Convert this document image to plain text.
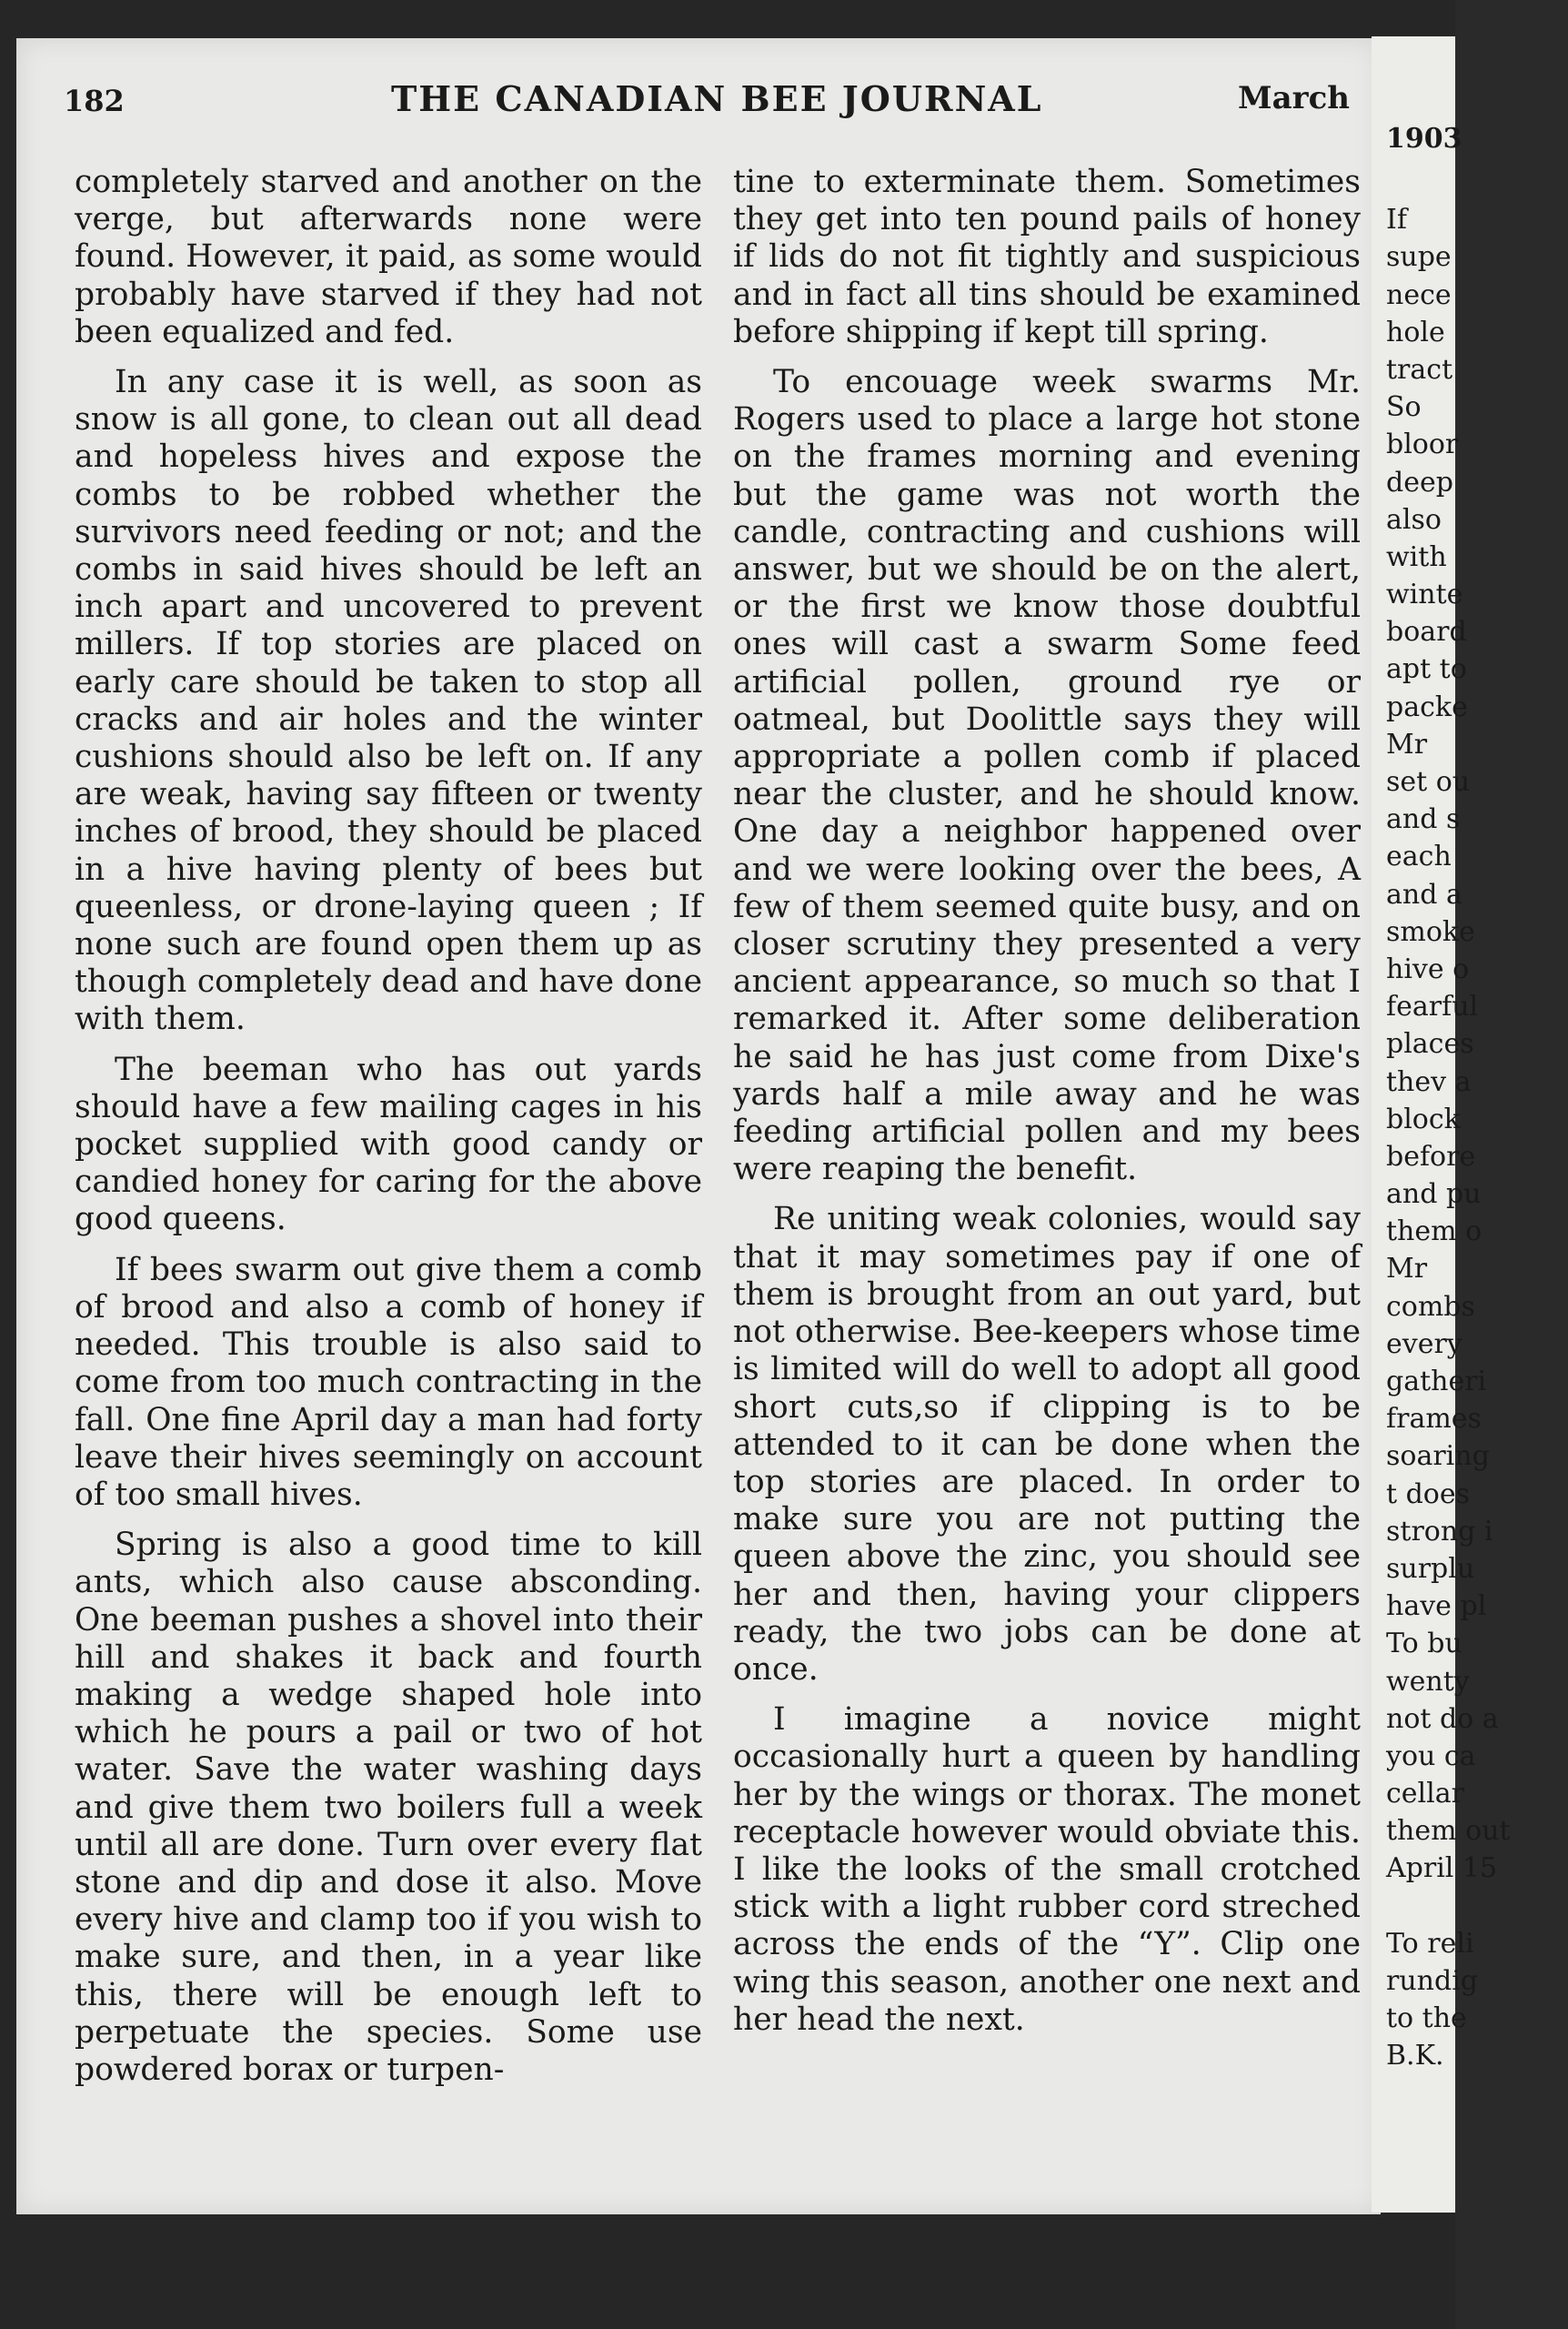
182	THE CANADIAN BEE JOURNAL	March

completely starved and another on the verge, but afterwards none were found. However, it paid, as some would probably have starved if they had not been equalized and fed.

In any case it is well, as soon as snow is all gone, to clean out all dead and hopeless hives and expose the combs to be robbed whether the survivors need feeding or not; and the combs in said hives should be left an inch apart and uncovered to prevent millers. If top stories are placed on early care should be taken to stop all cracks and air holes and the winter cushions should also be left on. If any are weak, having say fifteen or twenty inches of brood, they should be placed in a hive having plenty of bees but queenless, or drone-laying queen ; If none such are found open them up as though completely dead and have done with them.

The beeman who has out yards should have a few mailing cages in his pocket supplied with good candy or candied honey for caring for the above good queens.

If bees swarm out give them a comb of brood and also a comb of honey if needed. This trouble is also said to come from too much contracting in the fall. One fine April day a man had forty leave their hives seemingly on account of too small hives.

Spring is also a good time to kill ants, which also cause absconding. One beeman pushes a shovel into their hill and shakes it back and fourth making a wedge shaped hole into which he pours a pail or two of hot water. Save the water washing days and give them two boilers full a week until all are done. Turn over every flat stone and dip and dose it also. Move every hive and clamp too if you wish to make sure, and then, in a year like this, there will be enough left to perpetuate the species. Some use powdered borax or turpen-

tine to exterminate them. Sometimes they get into ten pound pails of honey if lids do not fit tightly and suspicious and in fact all tins should be examined before shipping if kept till spring.

To encouage week swarms Mr. Rogers used to place a large hot stone on the frames morning and evening but the game was not worth the candle, contracting and cushions will answer, but we should be on the alert, or the first we know those doubtful ones will cast a swarm Some feed artificial pollen, ground rye or oatmeal, but Doolittle says they will appropriate a pollen comb if placed near the cluster, and he should know. One day a neighbor happened over and we were looking over the bees, A few of them seemed quite busy, and on closer scrutiny they presented a very ancient appearance, so much so that I remarked it. After some deliberation he said he has just come from Dixe's yards half a mile away and he was feeding artificial pollen and my bees were reaping the benefit.

Re uniting weak colonies, would say that it may sometimes pay if one of them is brought from an out yard, but not otherwise. Bee-keepers whose time is limited will do well to adopt all good short cuts,so if clipping is to be attended to it can be done when the top stories are placed. In order to make sure you are not putting the queen above the zinc, you should see her and then, having your clippers ready, the two jobs can be done at once.

I imagine a novice might occasionally hurt a queen by handling her by the wings or thorax. The monet receptacle however would obviate this. I like the looks of the small crotched stick with a light rubber cord streched across the ends of the “Y”. Clip one wing this season, another one next and her head the next.

1903
If
supe
nece
hole
tract
So
bloor
deep
also
with
winte
board
apt to
packe
Mr
set ou
and s
each
and a
smoke
hive o
fearful
places
thev a
block
before
and pu
them o
Mr
combs
every
gatheri
frames
soaring
t does
strong i
surplu
have pl
To bu
wenty
not do a
you ca
cellar
them out
April 15
To reli
rundig
to the
B.K.
